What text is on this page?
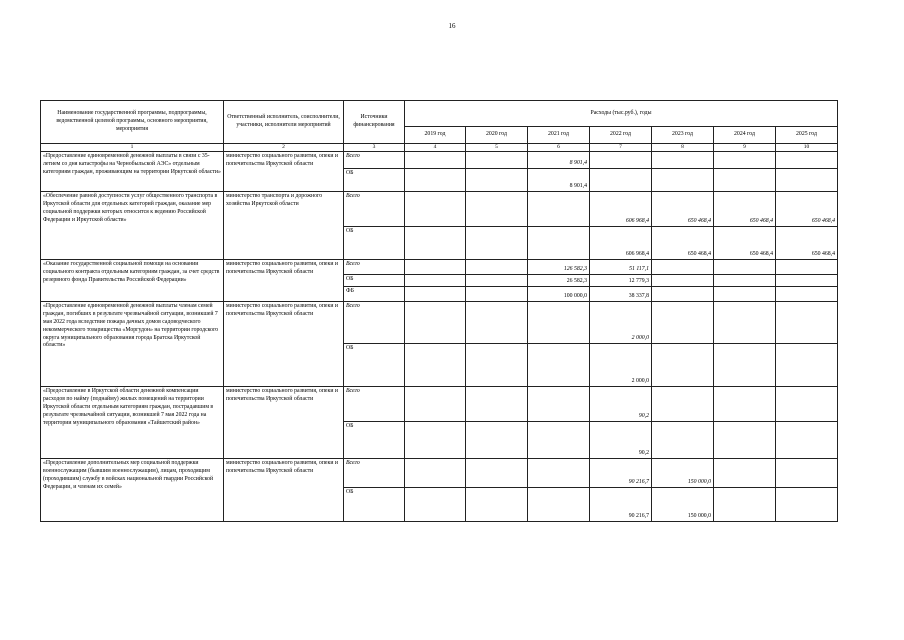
16
Наименование государственной программы, подпрограммы, ведомственной целевой программы, основного мероприятия, мероприятия	Ответственный исполнитель, соисполнители, участники, исполнители мероприятий	Источники финансирования	Расходы (тыс.руб.), годы						
			2019 год	2020 год	2021 год	2022 год	2023 год	2024 год	2025 год
1	2	3	4	5	6	7	8	9	10
«Предоставление единовременной денежной выплаты в связи с 35-летием со дня катастрофы на Чернобыльской АЭС» отдельным категориям граждан, проживающим на территории Иркутской области»	министерство социального развития, опеки и попечительства Иркутской области	Всего			8 901,4				
		ОБ			8 901,4				
«Обеспечение равной доступности услуг общественного транспорта в Иркутской области для отдельных категорий граждан, оказание мер социальной поддержки которых относится к ведению Российской Федерации и Иркутской области»	министерство транспорта и дорожного хозяйства Иркутской области	Всего				606 968,4	650 468,4	650 468,4	650 468,4
		ОБ				606 968,4	650 468,4	650 468,4	650 468,4
«Оказание государственной социальной помощи на основании социального контракта отдельным категориям граждан, за счет средств резервного фонда Правительства Российской Федерации»	министерство социального развития, опеки и попечительства Иркутской области	Всего			126 582,3	51 117,1			
		ОБ			26 582,3	12 779,3			
		ФБ			100 000,0	38 337,8			
«Предоставление единовременной денежной выплаты членам семей граждан, погибших в результате чрезвычайной ситуации, возникшей 7 мая 2022 года вследствие пожара дачных домов садоводческого некоммерческого товарищества «Моргудон» на территории городского округа муниципального образования города Братска Иркутской области»	министерство социального развития, опеки и попечительства Иркутской области	Всего				2 000,0			
		ОБ				2 000,0			
«Предоставление в Иркутской области денежной компенсации расходов по найму (поднайму) жилых помещений на территории Иркутской области отдельным категориям граждан, пострадавшим в результате чрезвычайной ситуации, возникшей 7 мая 2022 года на территории муниципального образования «Тайшетский район»	министерство социального развития, опеки и попечительства Иркутской области	Всего				90,2			
		ОБ				90,2			
«Предоставление дополнительных мер социальной поддержки военнослужащим (бывшим военнослужащим), лицам, проходящим (проходившим) службу в войсках национальной гвардии Российской Федерации, и членам их семей»	министерство социального развития, опеки и попечительства Иркутской области	Всего				90 216,7	150 000,0		
		ОБ				90 216,7	150 000,0		
